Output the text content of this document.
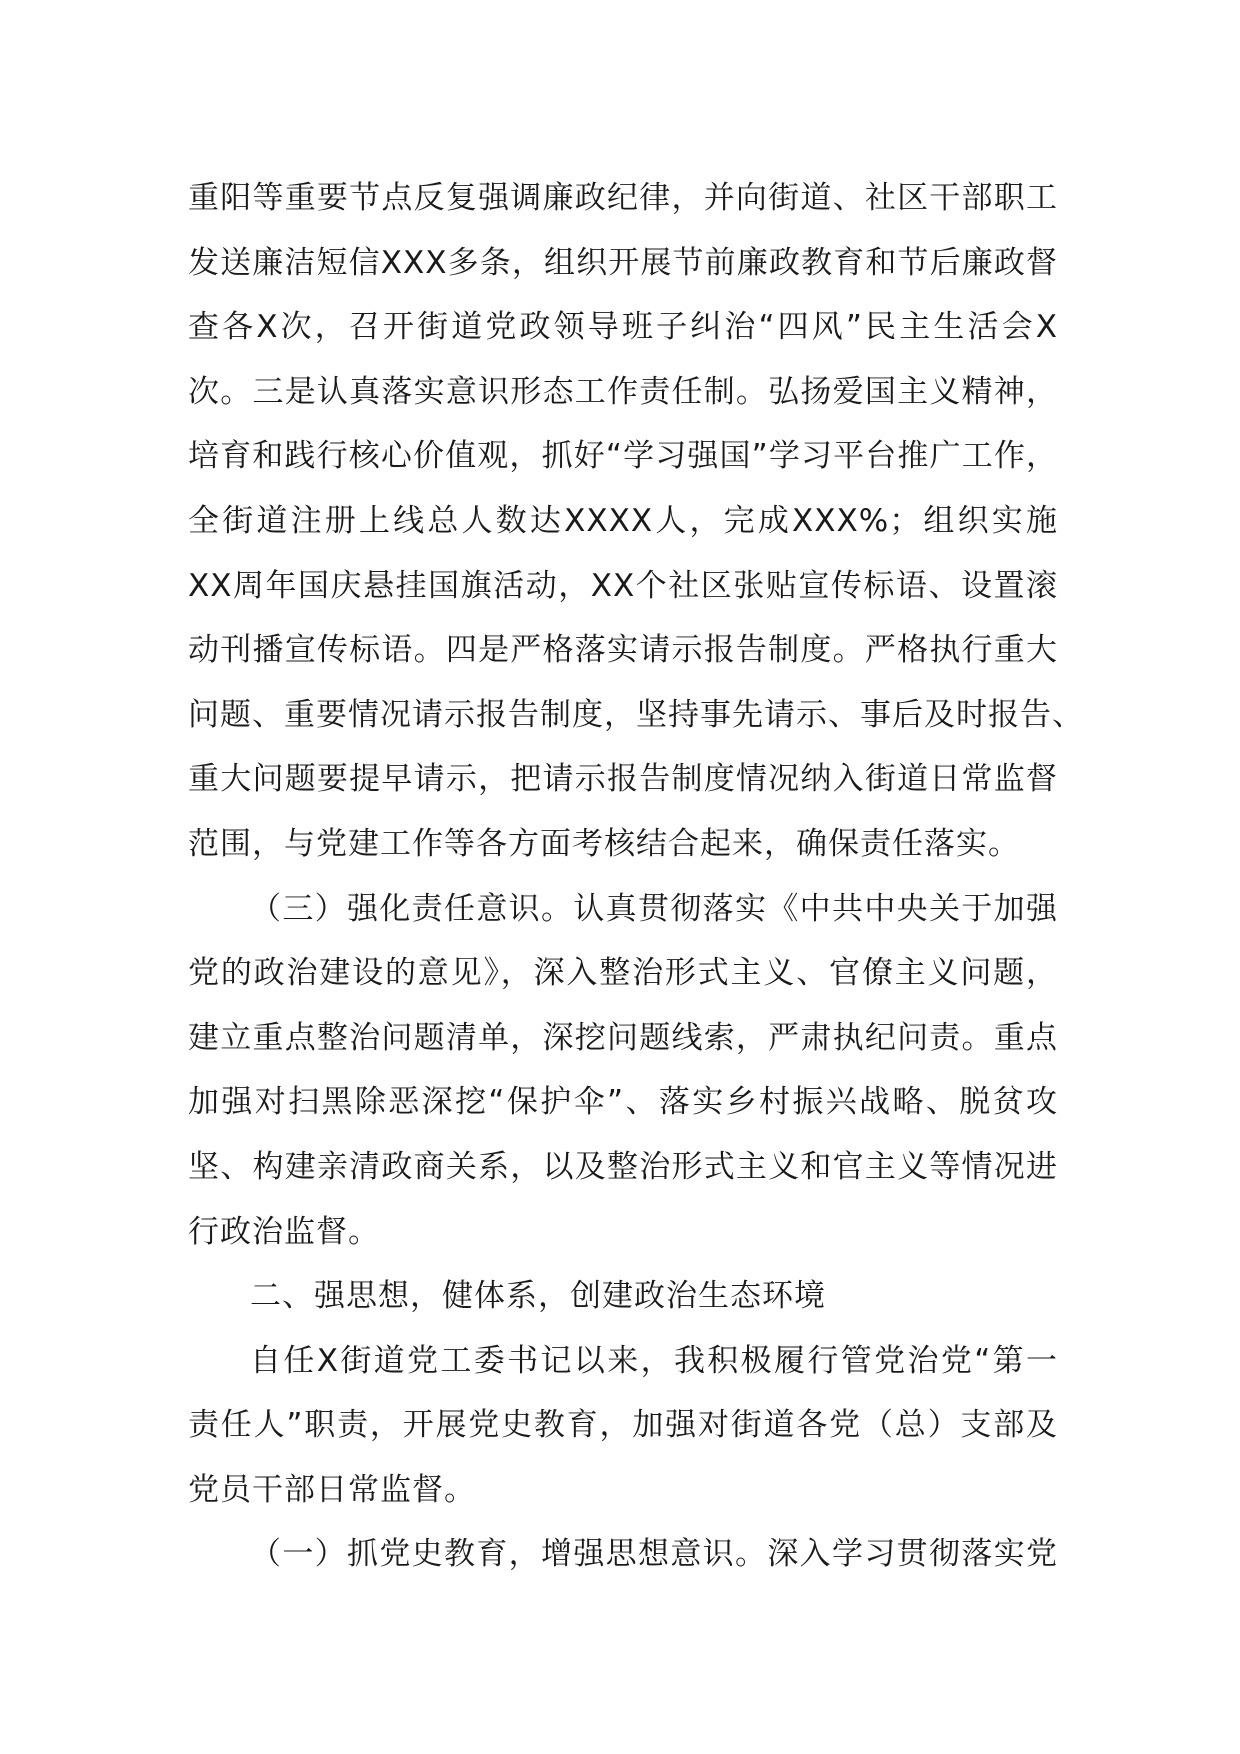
重阳等重要节点反复强调廉政纪律，并向街道、社区干部职工
发送廉洁短信XXX多条，组织开展节前廉政教育和节后廉政督
查各X次，召开街道党政领导班子纠治“四风”民主生活会X
次。三是认真落实意识形态工作责任制。弘扬爱国主义精神，
培育和践行核心价值观，抓好“学习强国”学习平台推广工作，
全街道注册上线总人数达XXXX人，完成XXX%；组织实施
XX周年国庆悬挂国旗活动，XX个社区张贴宣传标语、设置滚
动刊播宣传标语。四是严格落实请示报告制度。严格执行重大
问题、重要情况请示报告制度，坚持事先请示、事后及时报告、
重大问题要提早请示，把请示报告制度情况纳入街道日常监督
范围，与党建工作等各方面考核结合起来，确保责任落实。
（三）强化责任意识。认真贯彻落实《中共中央关于加强
党的政治建设的意见》，深入整治形式主义、官僚主义问题，
建立重点整治问题清单，深挖问题线索，严肃执纪问责。重点
加强对扫黑除恶深挖“保护伞”、落实乡村振兴战略、脱贫攻
坚、构建亲清政商关系，以及整治形式主义和官主义等情况进
行政治监督。
二、强思想，健体系，创建政治生态环境
自任X街道党工委书记以来，我积极履行管党治党“第一
责任人”职责，开展党史教育，加强对街道各党（总）支部及
党员干部日常监督。
（一）抓党史教育，增强思想意识。深入学习贯彻落实党
